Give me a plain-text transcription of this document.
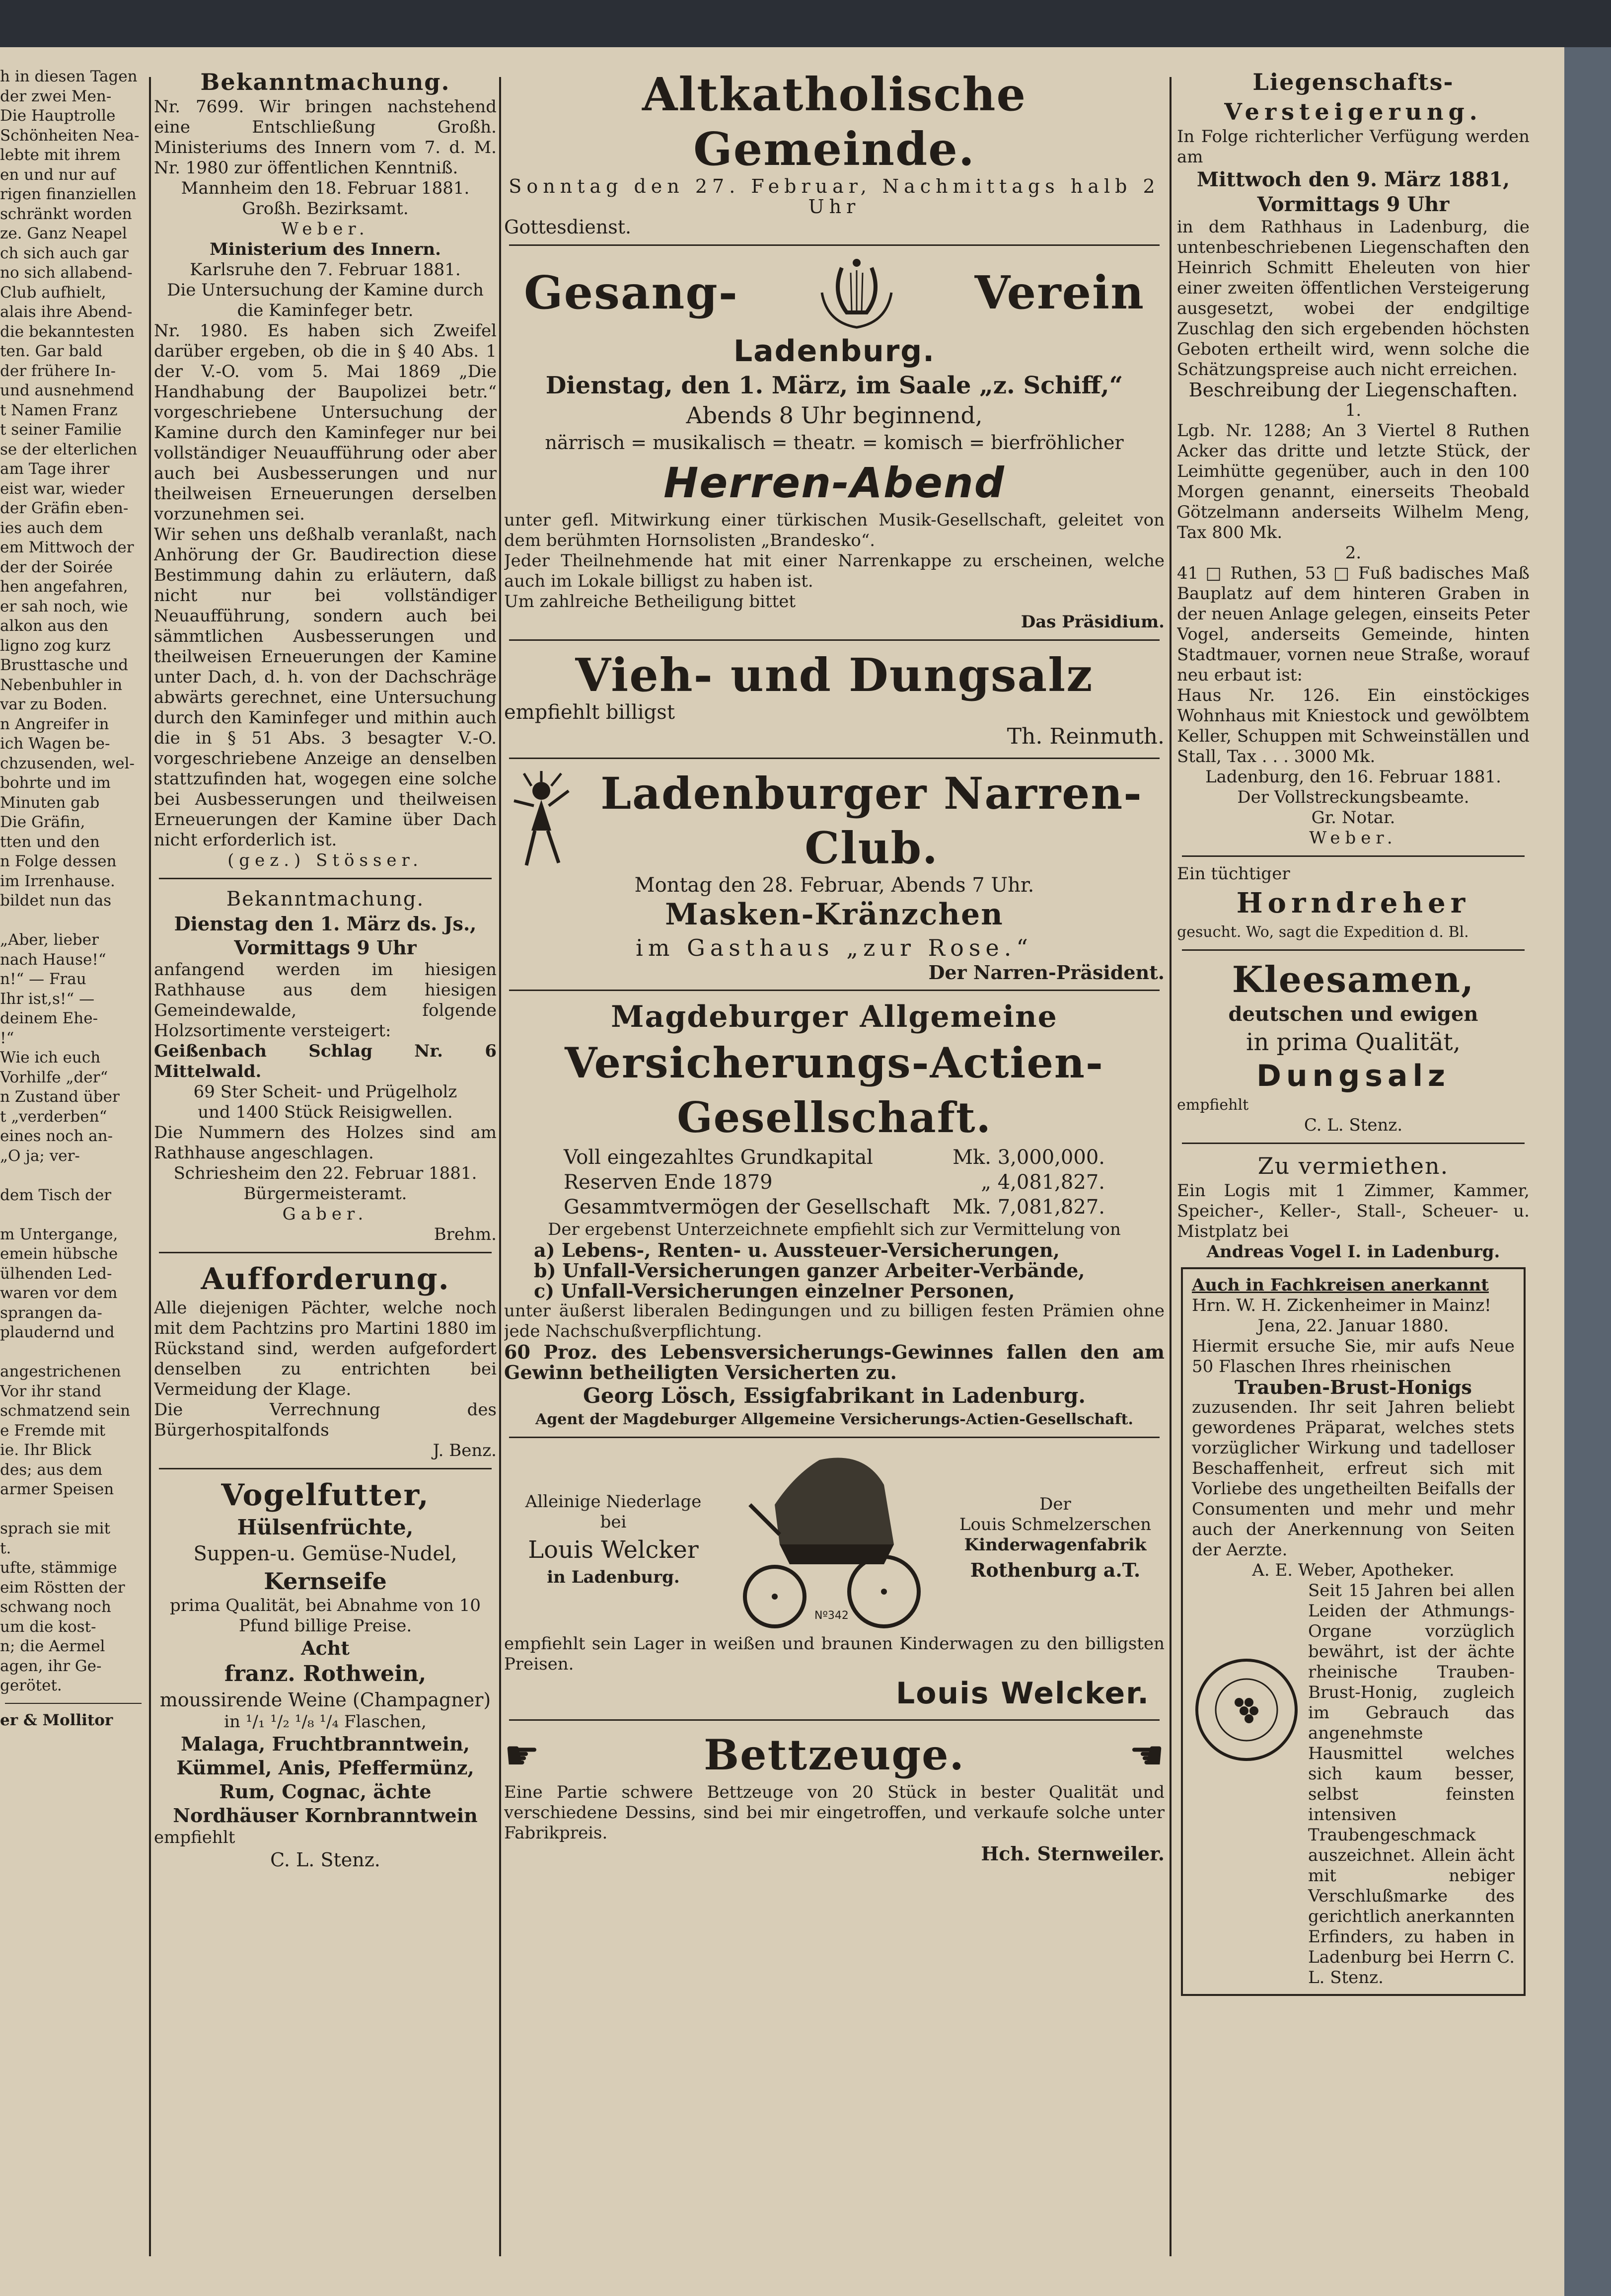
h in diesen Tagen

der zwei Men-

Die Hauptrolle

Schönheiten Nea-

lebte mit ihrem

en und nur auf

rigen finanziellen

schränkt worden

ze. Ganz Neapel

ch sich auch gar

no sich allabend-

Club aufhielt,

alais ihre Abend-

die bekanntesten

ten. Gar bald

der frühere In-

und ausnehmend

t Namen Franz

t seiner Familie

se der elterlichen

am Tage ihrer

eist war, wieder

der Gräfin eben-

ies auch dem

em Mittwoch der

der der Soirée

hen angefahren,

er sah noch, wie

alkon aus den

ligno zog kurz

Brusttasche und

Nebenbuhler in

var zu Boden.

n Angreifer in

ich Wagen be-

chzusenden, wel-

bohrte und im

Minuten gab

Die Gräfin,

tten und den

n Folge dessen

im Irrenhause.

bildet nun das

„Aber, lieber

nach Hause!“

n!“ — Frau

Ihr ist,s!“ —

deinem Ehe-

!“

Wie ich euch

Vorhilfe „der“

n Zustand über

t „verderben“

eines noch an-

„O ja; ver-

dem Tisch der

m Untergange,

emein hübsche

ülhenden Led-

waren vor dem

sprangen da-

plaudernd und

angestrichenen

Vor ihr stand

schmatzend sein

e Fremde mit

ie. Ihr Blick

des; aus dem

armer Speisen

sprach sie mit

t.

ufte, stämmige

eim Röstten der

schwang noch

um die kost-

n; die Aermel

agen, ihr Ge-

gerötet.

er & Mollitor

Bekanntmachung.

Nr. 7699. Wir bringen nachstehend eine Entschließung Großh. Ministeriums des Innern vom 7. d. M. Nr. 1980 zur öffentlichen Kenntniß.

Mannheim den 18. Februar 1881.

Großh. Bezirksamt.

Weber.

Ministerium des Innern.

Karlsruhe den 7. Februar 1881.

Die Untersuchung der Kamine durch die Kaminfeger betr.

Nr. 1980. Es haben sich Zweifel darüber ergeben, ob die in § 40 Abs. 1 der V.-O. vom 5. Mai 1869 „Die Handhabung der Baupolizei betr.“ vorgeschriebene Untersuchung der Kamine durch den Kaminfeger nur bei vollständiger Neuaufführung oder aber auch bei Ausbesserungen und nur theilweisen Erneuerungen derselben vorzunehmen sei.

Wir sehen uns deßhalb veranlaßt, nach Anhörung der Gr. Baudirection diese Bestimmung dahin zu erläutern, daß nicht nur bei vollständiger Neuaufführung, sondern auch bei sämmtlichen Ausbesserungen und theilweisen Erneuerungen der Kamine unter Dach, d. h. von der Dachschräge abwärts gerechnet, eine Untersuchung durch den Kaminfeger und mithin auch die in § 51 Abs. 3 besagter V.-O. vorgeschriebene Anzeige an denselben stattzufinden hat, wogegen eine solche bei Ausbesserungen und theilweisen Erneuerungen der Kamine über Dach nicht erforderlich ist.

(gez.) Stösser.

Bekanntmachung.

Dienstag den 1. März ds. Js.,

Vormittags 9 Uhr

anfangend werden im hiesigen Rathhause aus dem hiesigen Gemeindewalde, folgende Holzsortimente versteigert:

Geißenbach Schlag Nr. 6 Mittelwald.

69 Ster Scheit- und Prügelholz

und 1400 Stück Reisigwellen.

Die Nummern des Holzes sind am Rathhause angeschlagen.

Schriesheim den 22. Februar 1881.

Bürgermeisteramt.

Gaber.

Brehm.

Aufforderung.

Alle diejenigen Pächter, welche noch mit dem Pachtzins pro Martini 1880 im Rückstand sind, werden aufgefordert denselben zu entrichten bei Vermeidung der Klage.

Die Verrechnung des Bürgerhospitalfonds

J. Benz.

Vogelfutter,

Hülsenfrüchte,

Suppen-u. Gemüse-Nudel,

Kernseife

prima Qualität, bei Abnahme von 10 Pfund billige Preise.

Acht

franz. Rothwein,

moussirende Weine (Champagner)

in ¹/₁ ¹/₂ ¹/₈ ¹/₄ Flaschen,

Malaga, Fruchtbranntwein,

Kümmel, Anis, Pfeffermünz,

Rum, Cognac, ächte Nordhäuser Kornbranntwein

empfiehlt

C. L. Stenz.

Altkatholische Gemeinde.

Sonntag den 27. Februar, Nachmittags halb 2 Uhr

Gottesdienst.

Gesang-	Verein
Ladenburg.

Dienstag, den 1. März, im Saale „z. Schiff,“

Abends 8 Uhr beginnend,

närrisch = musikalisch = theatr. = komisch = bierfröhlicher

Herren-Abend

unter gefl. Mitwirkung einer türkischen Musik-Gesellschaft, geleitet von dem berühmten Hornsolisten „Brandesko“.

Jeder Theilnehmende hat mit einer Narrenkappe zu erscheinen, welche auch im Lokale billigst zu haben ist.

Um zahlreiche Betheiligung bittet

Das Präsidium.

Vieh- und Dungsalz

empfiehlt billigst

Th. Reinmuth.

Ladenburger Narren-Club.

Montag den 28. Februar, Abends 7 Uhr.

Masken-Kränzchen

im Gasthaus „zur Rose.“

Der Narren-Präsident.

Magdeburger Allgemeine
Versicherungs-Actien-Gesellschaft.
Voll eingezahltes Grundkapital	Mk. 3,000,000.
Reserven Ende 1879	„ 4,081,827.
Gesammtvermögen der Gesellschaft Mk. 7,081,827.

Der ergebenst Unterzeichnete empfiehlt sich zur Vermittelung von

a) Lebens-, Renten- u. Aussteuer-Versicherungen,

b) Unfall-Versicherungen ganzer Arbeiter-Verbände,

c) Unfall-Versicherungen einzelner Personen,

unter äußerst liberalen Bedingungen und zu billigen festen Prämien ohne jede Nachschußverpflichtung.

60 Proz. des Lebensversicherungs-Gewinnes fallen den am Gewinn betheiligten Versicherten zu.

Georg Lösch, Essigfabrikant in Ladenburg.

Agent der Magdeburger Allgemeine Versicherungs-Actien-Gesellschaft.

Alleinige Niederlage

bei

Louis Welcker

in Ladenburg.

Nº342

Der

Louis Schmelzerschen

Kinderwagenfabrik

Rothenburg a.T.

empfiehlt sein Lager in weißen und braunen Kinderwagen zu den billigsten Preisen.

Louis Welcker.
☛	Bettzeuge.	☚

Eine Partie schwere Bettzeuge von 20 Stück in bester Qualität und verschiedene Dessins, sind bei mir eingetroffen, und verkaufe solche unter Fabrikpreis.

Hch. Sternweiler.

Liegenschafts-
Versteigerung.

In Folge richterlicher Verfügung werden am

Mittwoch den 9. März 1881,

Vormittags 9 Uhr

in dem Rathhaus in Ladenburg, die untenbeschriebenen Liegenschaften den Heinrich Schmitt Eheleuten von hier einer zweiten öffentlichen Versteigerung ausgesetzt, wobei der endgiltige Zuschlag den sich ergebenden höchsten Geboten ertheilt wird, wenn solche die Schätzungspreise auch nicht erreichen.

Beschreibung der Liegenschaften.

1.

Lgb. Nr. 1288; An 3 Viertel 8 Ruthen Acker das dritte und letzte Stück, der Leimhütte gegenüber, auch in den 100 Morgen genannt, einerseits Theobald Götzelmann anderseits Wilhelm Meng, Tax 800 Mk.

2.

41 □ Ruthen, 53 □ Fuß badisches Maß Bauplatz auf dem hinteren Graben in der neuen Anlage gelegen, einseits Peter Vogel, anderseits Gemeinde, hinten Stadtmauer, vornen neue Straße, worauf neu erbaut ist:

Haus Nr. 126. Ein einstöckiges Wohnhaus mit Kniestock und gewölbtem Keller, Schuppen mit Schweinställen und Stall, Tax . . . 3000 Mk.

Ladenburg, den 16. Februar 1881.

Der Vollstreckungsbeamte.

Gr. Notar.

Weber.

Ein tüchtiger

Horndreher

gesucht. Wo, sagt die Expedition d. Bl.

Kleesamen,

deutschen und ewigen

in prima Qualität,

Dungsalz

empfiehlt

C. L. Stenz.

Zu vermiethen.

Ein Logis mit 1 Zimmer, Kammer, Speicher-, Keller-, Stall-, Scheuer- u. Mistplatz bei

Andreas Vogel I. in Ladenburg.

Auch in Fachkreisen anerkannt

Hrn. W. H. Zickenheimer in Mainz!

Jena, 22. Januar 1880.

Hiermit ersuche Sie, mir aufs Neue 50 Flaschen Ihres rheinischen

Trauben-Brust-Honigs

zuzusenden. Ihr seit Jahren beliebt gewordenes Präparat, welches stets vorzüglicher Wirkung und tadelloser Beschaffenheit, erfreut sich mit Vorliebe des ungetheilten Beifalls der Consumenten und mehr und mehr auch der Anerkennung von Seiten der Aerzte.

A. E. Weber, Apotheker.

Seit 15 Jahren bei allen Leiden der Athmungs-Organe vorzüglich bewährt, ist der ächte rheinische Trauben-Brust-Honig, zugleich im Gebrauch das angenehmste Hausmittel welches sich kaum besser, selbst feinsten intensiven Traubengeschmack auszeichnet. Allein ächt mit nebiger Verschlußmarke des gerichtlich anerkannten Erfinders, zu haben in Ladenburg bei Herrn C. L. Stenz.
